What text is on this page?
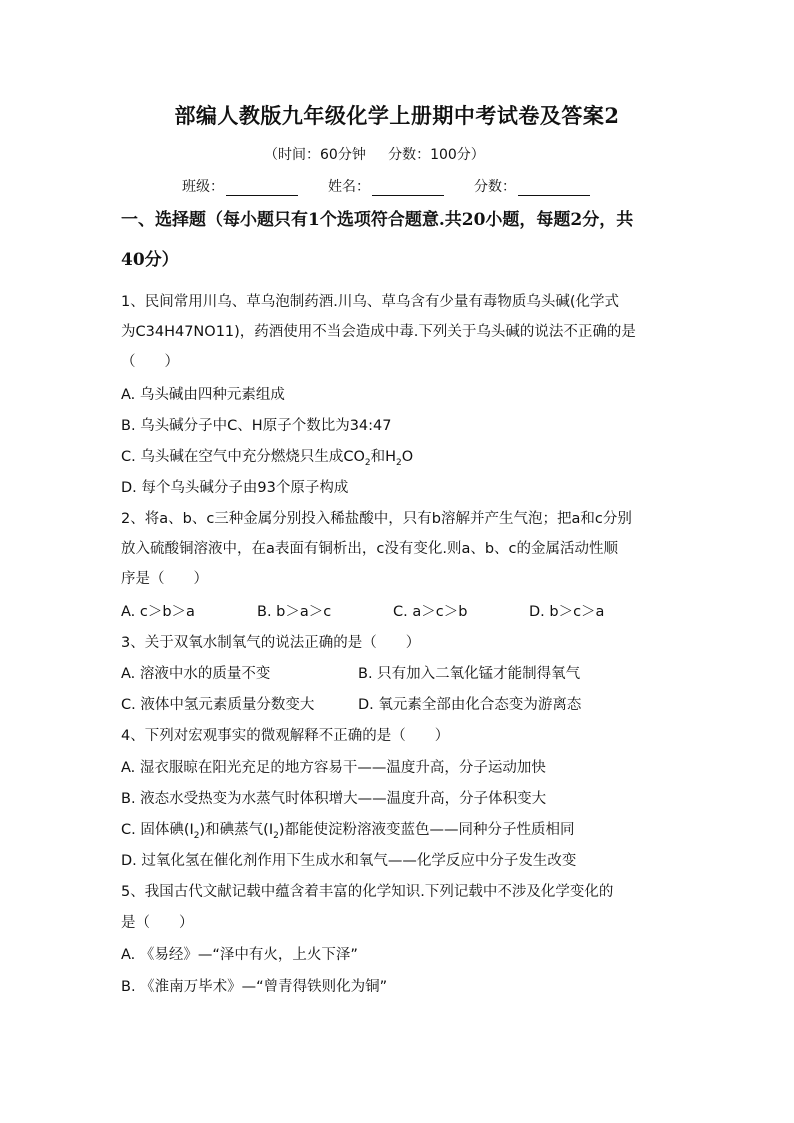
部编人教版九年级化学上册期中考试卷及答案2
（时间：60分钟     分数：100分）
班级：	姓名：	分数：
一、选择题（每小题只有1个选项符合题意.共20小题，每题2分，共
40分）
1、民间常用川乌、草乌泡制药酒.川乌、草乌含有少量有毒物质乌头碱(化学式
为C34H47NO11)，药酒使用不当会造成中毒.下列关于乌头碱的说法不正确的是
（　　）
A. 乌头碱由四种元素组成
B. 乌头碱分子中C、H原子个数比为34:47
C. 乌头碱在空气中充分燃烧只生成$CO_2$和$H_2O$
D. 每个乌头碱分子由93个原子构成
2、将a、b、c三种金属分别投入稀盐酸中，只有b溶解并产生气泡；把a和c分别
放入硫酸铜溶液中，在a表面有铜析出，c没有变化.则a、b、c的金属活动性顺
序是（　　）
A. c＞b＞a	B. b＞a＞c	C. a＞c＞b	D. b＞c＞a
3、关于双氧水制氧气的说法正确的是（　　）
A. 溶液中水的质量不变	B. 只有加入二氧化锰才能制得氧气
C. 液体中氢元素质量分数变大	D. 氧元素全部由化合态变为游离态
4、下列对宏观事实的微观解释不正确的是（　　）
A. 湿衣服晾在阳光充足的地方容易干——温度升高，分子运动加快
B. 液态水受热变为水蒸气时体积增大——温度升高，分子体积变大
C. 固体碘$(I_2)$和碘蒸气$(I_2)$都能使淀粉溶液变蓝色——同种分子性质相同
D. 过氧化氢在催化剂作用下生成水和氧气——化学反应中分子发生改变
5、我国古代文献记载中蕴含着丰富的化学知识.下列记载中不涉及化学变化的
是（　　）
A. 《易经》—“泽中有火，上火下泽”
B. 《淮南万毕术》—“曾青得铁则化为铜”
